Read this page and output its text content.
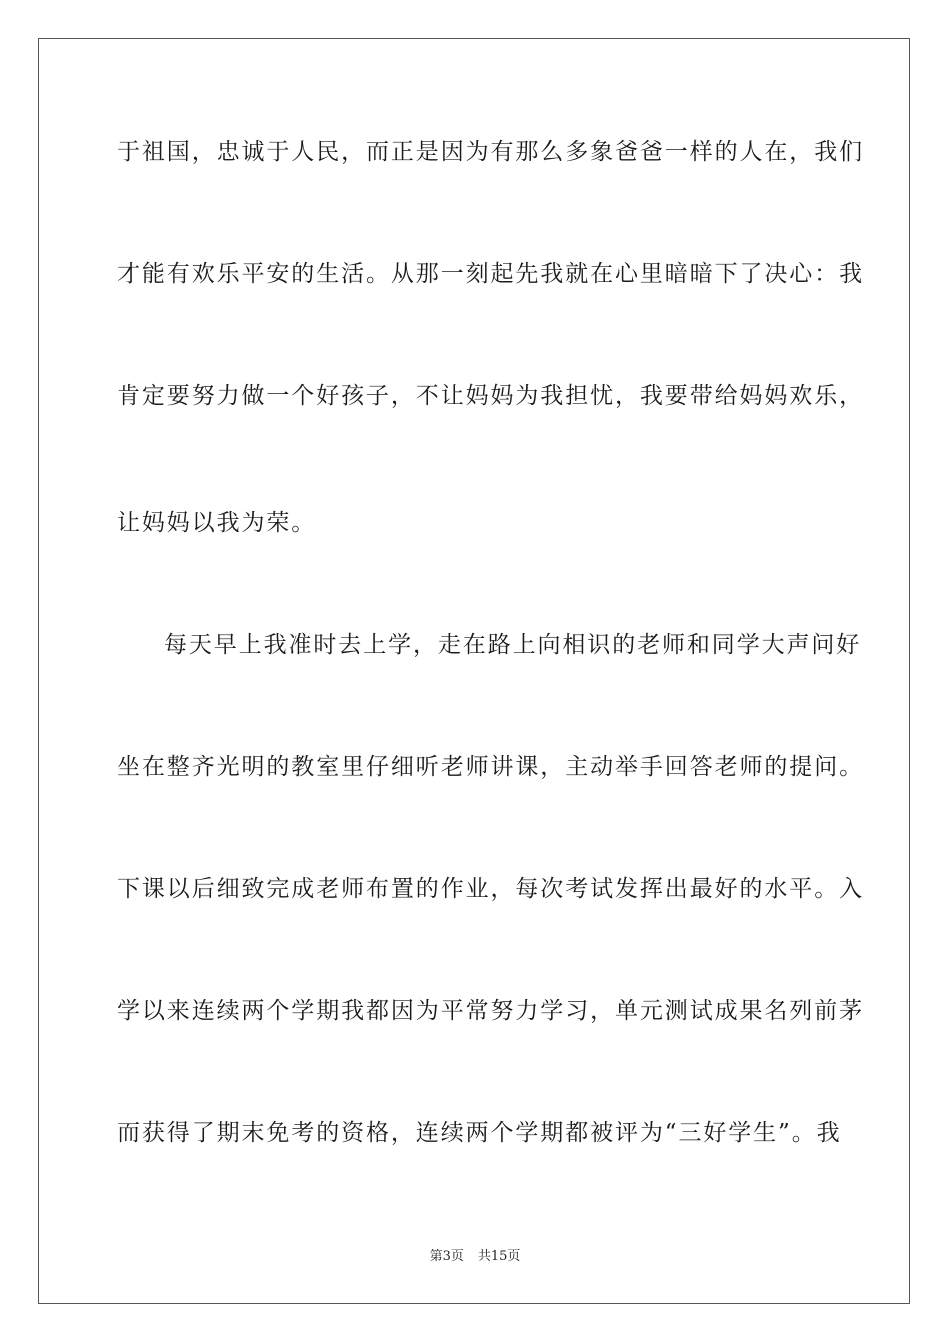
于祖国，忠诚于人民，而正是因为有那么多象爸爸一样的人在，我们
才能有欢乐平安的生活。从那一刻起先我就在心里暗暗下了决心：我
肯定要努力做一个好孩子，不让妈妈为我担忧，我要带给妈妈欢乐，
让妈妈以我为荣。
每天早上我准时去上学，走在路上向相识的老师和同学大声问好
坐在整齐光明的教室里仔细听老师讲课，主动举手回答老师的提问。
下课以后细致完成老师布置的作业，每次考试发挥出最好的水平。入
学以来连续两个学期我都因为平常努力学习，单元测试成果名列前茅
而获得了期末免考的资格，连续两个学期都被评为“三好学生”。我
第3页 共15页
